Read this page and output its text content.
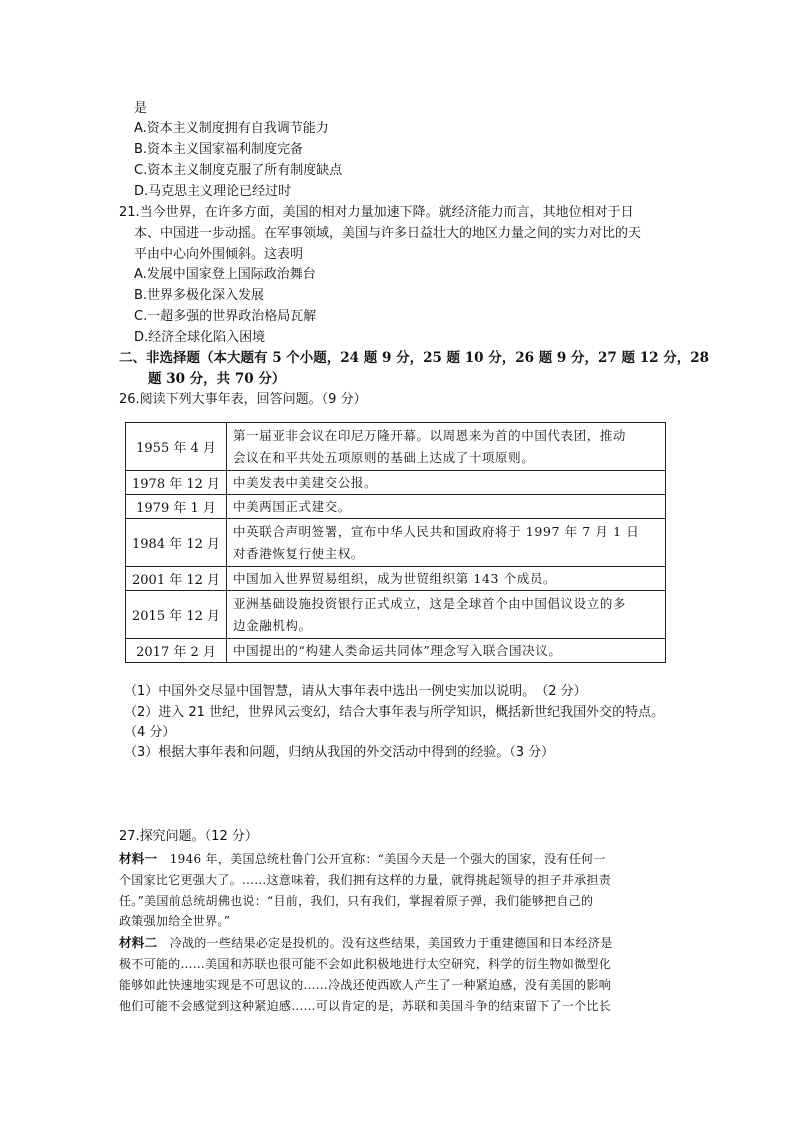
是
A.资本主义制度拥有自我调节能力
B.资本主义国家福利制度完备
C.资本主义制度克服了所有制度缺点
D.马克思主义理论已经过时
21.当今世界，在许多方面，美国的相对力量加速下降。就经济能力而言，其地位相对于日
本、中国进一步动摇。在军事领域，美国与许多日益壮大的地区力量之间的实力对比的天
平由中心向外围倾斜。这表明
A.发展中国家登上国际政治舞台
B.世界多极化深入发展
C.一超多强的世界政治格局瓦解
D.经济全球化陷入困境
二、非选择题（本大题有 5 个小题，24 题 9 分，25 题 10 分，26 题 9 分，27 题 12 分，28
题 30 分，共 70 分）
26.阅读下列大事年表，回答问题。（9 分）
1955 年 4 月	第一届亚非会议在印尼万隆开幕。以周恩来为首的中国代表团，推动
会议在和平共处五项原则的基础上达成了十项原则。

1978 年 12 月	中美发表中美建交公报。

1979 年 1 月	中美两国正式建交。

1984 年 12 月	中英联合声明签署，宣布中华人民共和国政府将于 1997 年 7 月 1 日
对香港恢复行使主权。

2001 年 12 月	中国加入世界贸易组织，成为世贸组织第 143 个成员。

2015 年 12 月	亚洲基础设施投资银行正式成立，这是全球首个由中国倡议设立的多
边金融机构。

2017 年 2 月	中国提出的“构建人类命运共同体”理念写入联合国决议。
（1）中国外交尽显中国智慧，请从大事年表中选出一例史实加以说明。　（2 分）
（2）进入 21 世纪，世界风云变幻，结合大事年表与所学知识，概括新世纪我国外交的特点。
（4 分）
（3）根据大事年表和问题，归纳从我国的外交活动中得到的经验。（3 分）
27.探究问题。（12 分）
材料一　1946 年，美国总统杜鲁门公开宣称：“美国今天是一个强大的国家，没有任何一
个国家比它更强大了。……这意味着，我们拥有这样的力量，就得挑起领导的担子并承担责
任。”美国前总统胡佛也说：“目前，我们，只有我们，掌握着原子弹，我们能够把自己的
政策强加给全世界。”
材料二　冷战的一些结果必定是投机的。没有这些结果，美国致力于重建德国和日本经济是
极不可能的……美国和苏联也很可能不会如此积极地进行太空研究，科学的衍生物如微型化
能够如此快速地实现是不可思议的……冷战还使西欧人产生了一种紧迫感，没有美国的影响
他们可能不会感觉到这种紧迫感……可以肯定的是，苏联和美国斗争的结束留下了一个比长
